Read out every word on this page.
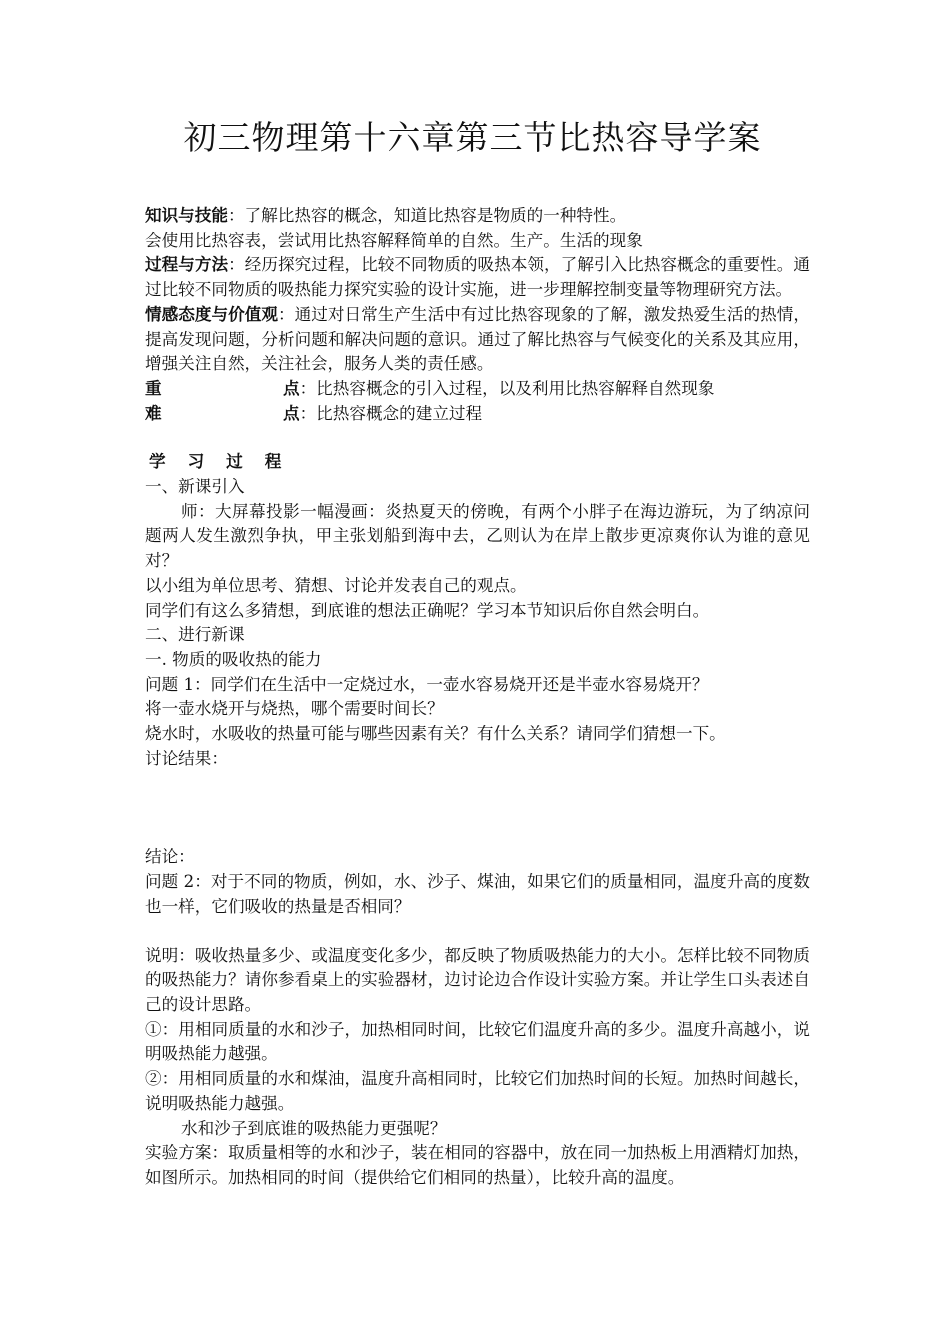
初三物理第十六章第三节比热容导学案

知识与技能：了解比热容的概念，知道比热容是物质的一种特性。

会使用比热容表，尝试用比热容解释简单的自然。生产。生活的现象

过程与方法：经历探究过程，比较不同物质的吸热本领，了解引入比热容概念的重要性。通过比较不同物质的吸热能力探究实验的设计实施，进一步理解控制变量等物理研究方法。

情感态度与价值观：通过对日常生产生活中有过比热容现象的了解，激发热爱生活的热情，提高发现问题，分析问题和解决问题的意识。通过了解比热容与气候变化的关系及其应用，增强关注自然，关注社会，服务人类的责任感。

重	点：比热容概念的引入过程，以及利用比热容解释自然现象

难	点：比热容概念的建立过程

学习过程

一、新课引入

师：大屏幕投影一幅漫画：炎热夏天的傍晚，有两个小胖子在海边游玩，为了纳凉问题两人发生激烈争执，甲主张划船到海中去，乙则认为在岸上散步更凉爽你认为谁的意见对？

以小组为单位思考、猜想、讨论并发表自己的观点。

同学们有这么多猜想，到底谁的想法正确呢？学习本节知识后你自然会明白。

二、进行新课

一. 物质的吸收热的能力

问题 1：同学们在生活中一定烧过水，一壶水容易烧开还是半壶水容易烧开？

将一壶水烧开与烧热，哪个需要时间长？

烧水时，水吸收的热量可能与哪些因素有关？有什么关系？请同学们猜想一下。

讨论结果：

结论：

问题 2：对于不同的物质，例如，水、沙子、煤油，如果它们的质量相同，温度升高的度数也一样，它们吸收的热量是否相同？

说明：吸收热量多少、或温度变化多少，都反映了物质吸热能力的大小。怎样比较不同物质的吸热能力？请你参看桌上的实验器材，边讨论边合作设计实验方案。并让学生口头表述自己的设计思路。

①：用相同质量的水和沙子，加热相同时间，比较它们温度升高的多少。温度升高越小，说明吸热能力越强。

②：用相同质量的水和煤油，温度升高相同时，比较它们加热时间的长短。加热时间越长，说明吸热能力越强。

水和沙子到底谁的吸热能力更强呢？

实验方案：取质量相等的水和沙子，装在相同的容器中，放在同一加热板上用酒精灯加热，如图所示。加热相同的时间（提供给它们相同的热量），比较升高的温度。
